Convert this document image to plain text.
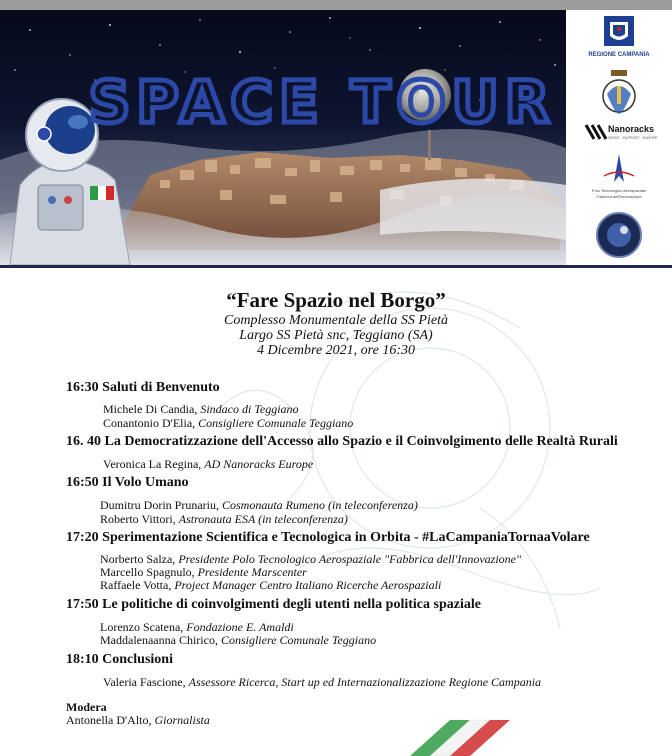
SPACE TOUR
REGIONE CAMPANIA
Nanoracks
SPACE · OUTPOST · EUROPE
Polo Tecnologico Aerospaziale
Fabbrica dell'Innovazione
“Fare Spazio nel Borgo”
Complesso Monumentale della SS Pietà
Largo SS Pietà snc, Teggiano (SA)
4 Dicembre 2021, ore 16:30
16:30 Saluti di Benvenuto
Michele Di Candia, Sindaco di Teggiano
Conantonio D'Elia, Consigliere Comunale Teggiano
16. 40 La Democratizzazione dell'Accesso allo Spazio e il Coinvolgimento delle Realtà Rurali
Veronica La Regina, AD Nanoracks Europe
16:50 Il Volo Umano
Dumitru Dorin Prunariu, Cosmonauta Rumeno (in teleconferenza)
Roberto Vittori, Astronauta ESA (in teleconferenza)
17:20 Sperimentazione Scientifica e Tecnologica in Orbita - #LaCampaniaTornaaVolare
Norberto Salza, Presidente Polo Tecnologico Aerospaziale "Fabbrica dell'Innovazione"
Marcello Spagnulo, Presidente Marscenter
Raffaele Votta, Project Manager Centro Italiano Ricerche Aerospaziali
17:50 Le politiche di coinvolgimenti degli utenti nella politica spaziale
Lorenzo Scatena, Fondazione E. Amaldi
Maddalenaanna Chirico, Consigliere Comunale Teggiano
18:10 Conclusioni
Valeria Fascione, Assessore Ricerca, Start up ed Internazionalizzazione Regione Campania
Modera
Antonella D'Alto, Giornalista
